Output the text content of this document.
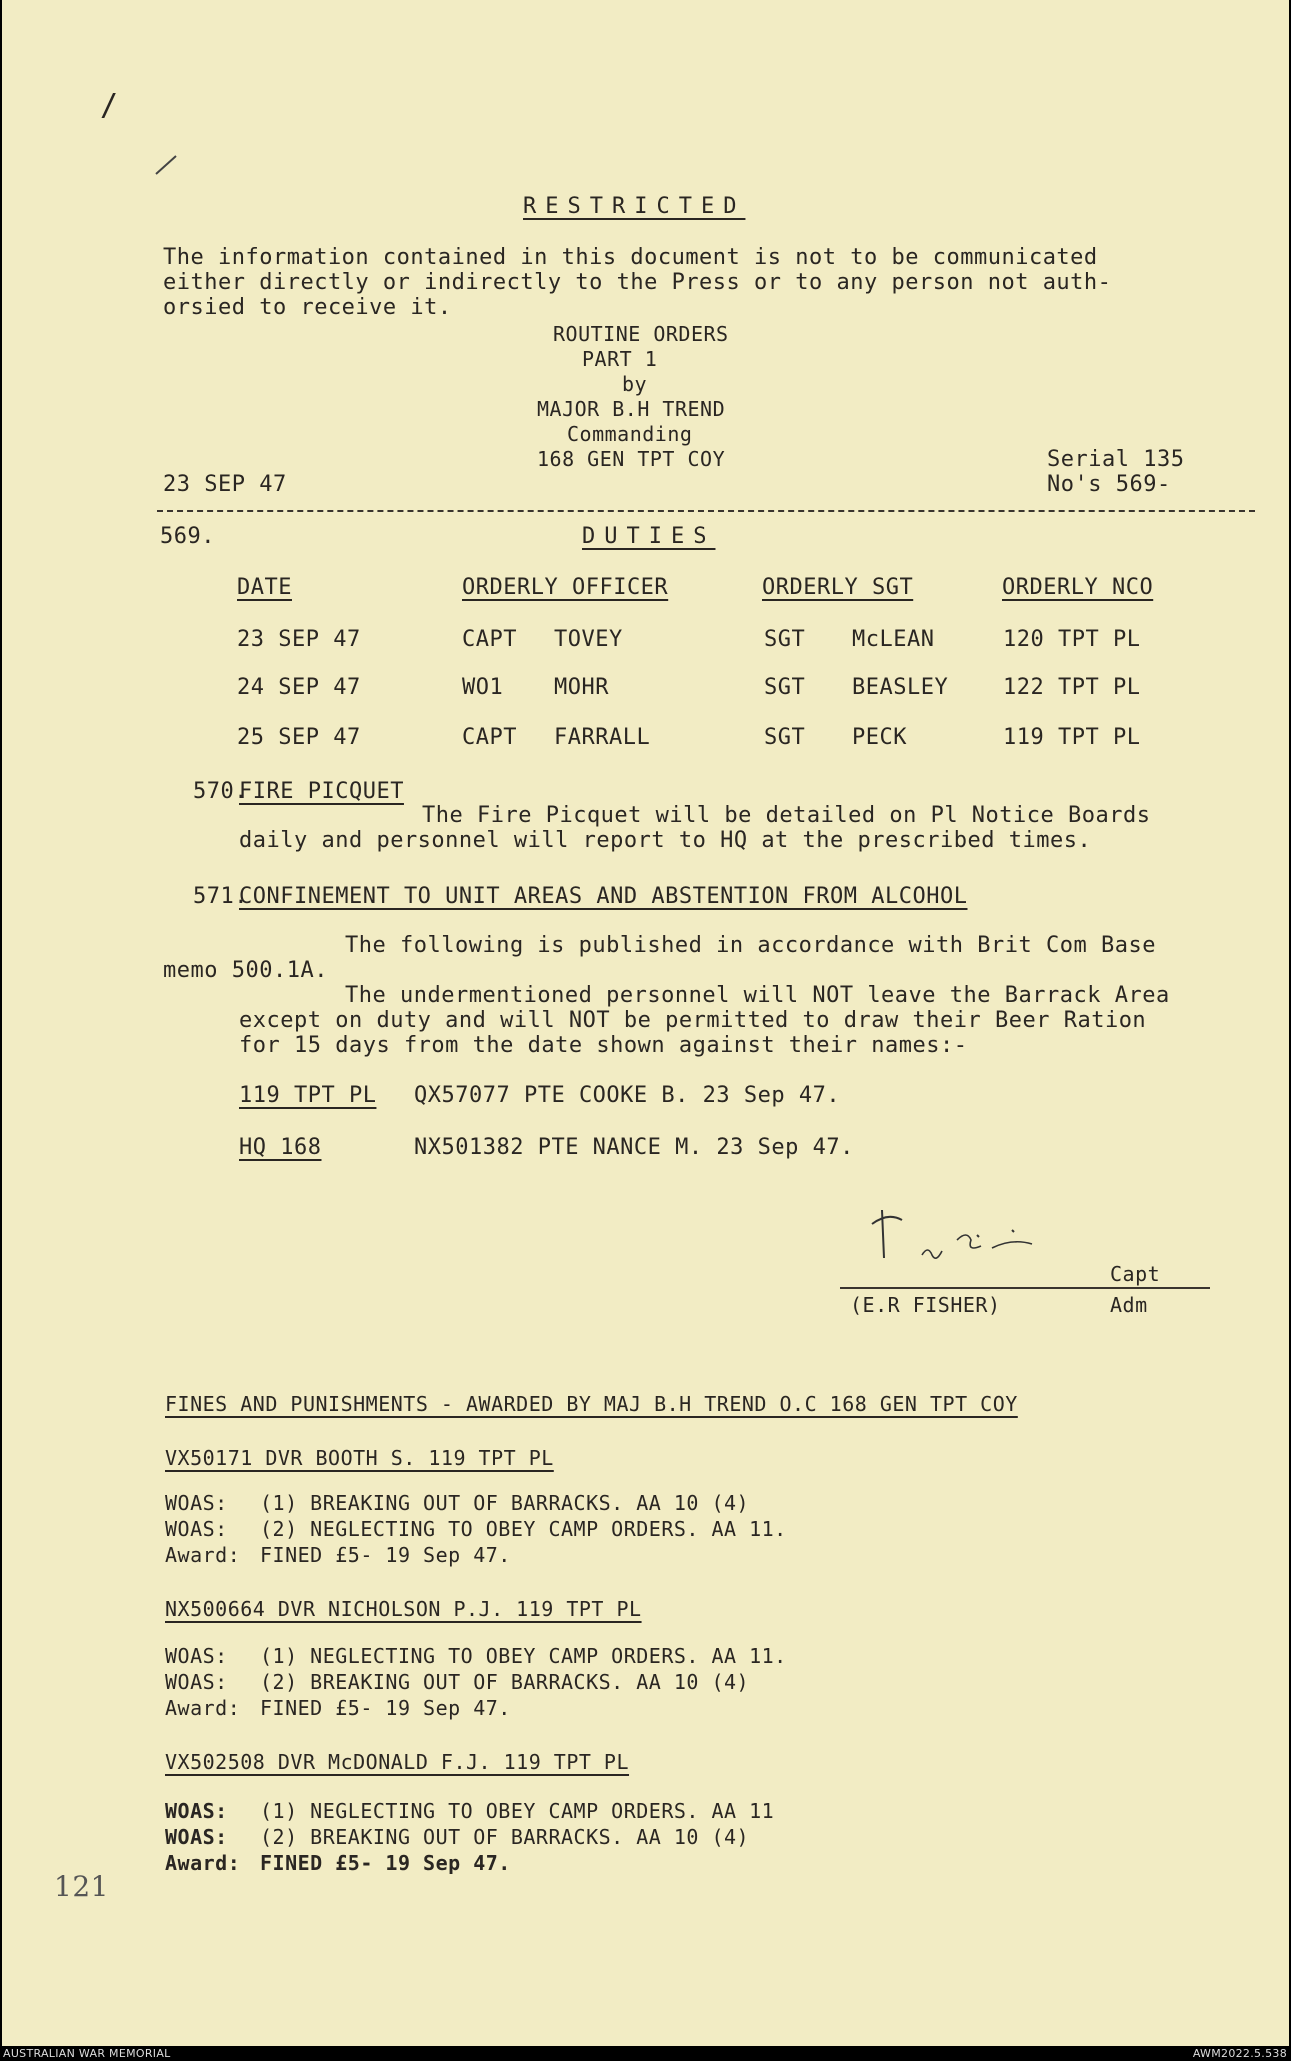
/
RESTRICTED
The information contained in this document is not to be communicated
either directly or indirectly to the Press or to any person not auth-
orsied to receive it.
ROUTINE ORDERS
PART 1
by
MAJOR B.H TREND
Commanding
168 GEN TPT COY
23 SEP 47
Serial 135
No's 569-
569.	DUTIES
DATE	ORDERLY OFFICER	ORDERLY SGT	ORDERLY NCO
23 SEP 47	CAPT TOVEY	SGT McLEAN	120 TPT PL
24 SEP 47	WO1 MOHR	SGT BEASLEY 122 TPT PL
25 SEP 47	CAPT FARRALL	SGT PECK	119 TPT PL
570.
FIRE PICQUET
The Fire Picquet will be detailed on Pl Notice Boards
daily and personnel will report to HQ at the prescribed times.
571.
CONFINEMENT TO UNIT AREAS AND ABSTENTION FROM ALCOHOL
The following is published in accordance with Brit Com Base
memo 500.1A.
The undermentioned personnel will NOT leave the Barrack Area
except on duty and will NOT be permitted to draw their Beer Ration
for 15 days from the date shown against their names:-
119 TPT PL QX57077 PTE COOKE B. 23 Sep 47.
HQ 168	NX501382 PTE NANCE M. 23 Sep 47.
Capt
(E.R FISHER)	Adm
FINES AND PUNISHMENTS - AWARDED BY MAJ B.H TREND O.C 168 GEN TPT COY
VX50171 DVR BOOTH S. 119 TPT PL
WOAS: (1) BREAKING OUT OF BARRACKS. AA 10 (4)
WOAS: (2) NEGLECTING TO OBEY CAMP ORDERS. AA 11.
Award: FINED £5- 19 Sep 47.
NX500664 DVR NICHOLSON P.J. 119 TPT PL
WOAS: (1) NEGLECTING TO OBEY CAMP ORDERS. AA 11.
WOAS: (2) BREAKING OUT OF BARRACKS. AA 10 (4)
Award: FINED £5- 19 Sep 47.
VX502508 DVR McDONALD F.J. 119 TPT PL
WOAS: (1) NEGLECTING TO OBEY CAMP ORDERS. AA 11
WOAS: (2) BREAKING OUT OF BARRACKS. AA 10 (4)
Award: FINED £5- 19 Sep 47.
121
AUSTRALIAN WAR MEMORIAL	AWM2022.5.538
